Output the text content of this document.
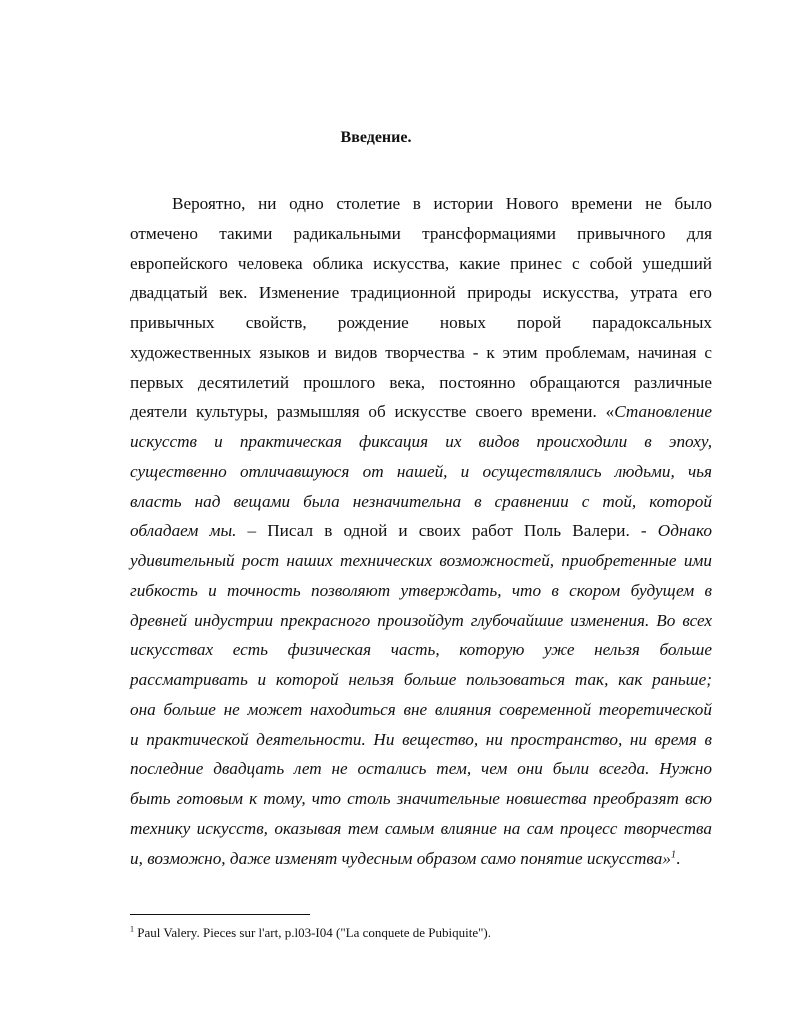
Введение.
Вероятно, ни одно столетие в истории Нового времени не было
отмечено такими радикальными трансформациями привычного для
европейского человека облика искусства, какие принес с собой ушедший
двадцатый век. Изменение традиционной природы искусства, утрата его
привычных свойств, рождение новых порой парадоксальных
художественных языков и видов творчества - к этим проблемам, начиная с
первых десятилетий прошлого века, постоянно обращаются различные
деятели культуры, размышляя об искусстве своего времени. «Становление
искусств и практическая фиксация их видов происходили в эпоху,
существенно отличавшуюся от нашей, и осуществлялись людьми, чья
власть над вещами была незначительна в сравнении с той, которой
обладаем мы. – Писал в одной и своих работ Поль Валери. - Однако
удивительный рост наших технических возможностей, приобретенные ими
гибкость и точность позволяют утверждать, что в скором будущем в
древней индустрии прекрасного произойдут глубочайшие изменения. Во всех
искусствах есть физическая часть, которую уже нельзя больше
рассматривать и которой нельзя больше пользоваться так, как раньше;
она больше не может находиться вне влияния современной теоретической
и практической деятельности. Ни вещество, ни пространство, ни время в
последние двадцать лет не остались тем, чем они были всегда. Нужно
быть готовым к тому, что столь значительные новшества преобразят всю
технику искусств, оказывая тем самым влияние на сам процесс творчества
и, возможно, даже изменят чудесным образом само понятие искусства»$^1$.
$^1$ Paul Valery. Pieces sur l'art, p.l03-I04 ("La conquete de Pubiquite").
